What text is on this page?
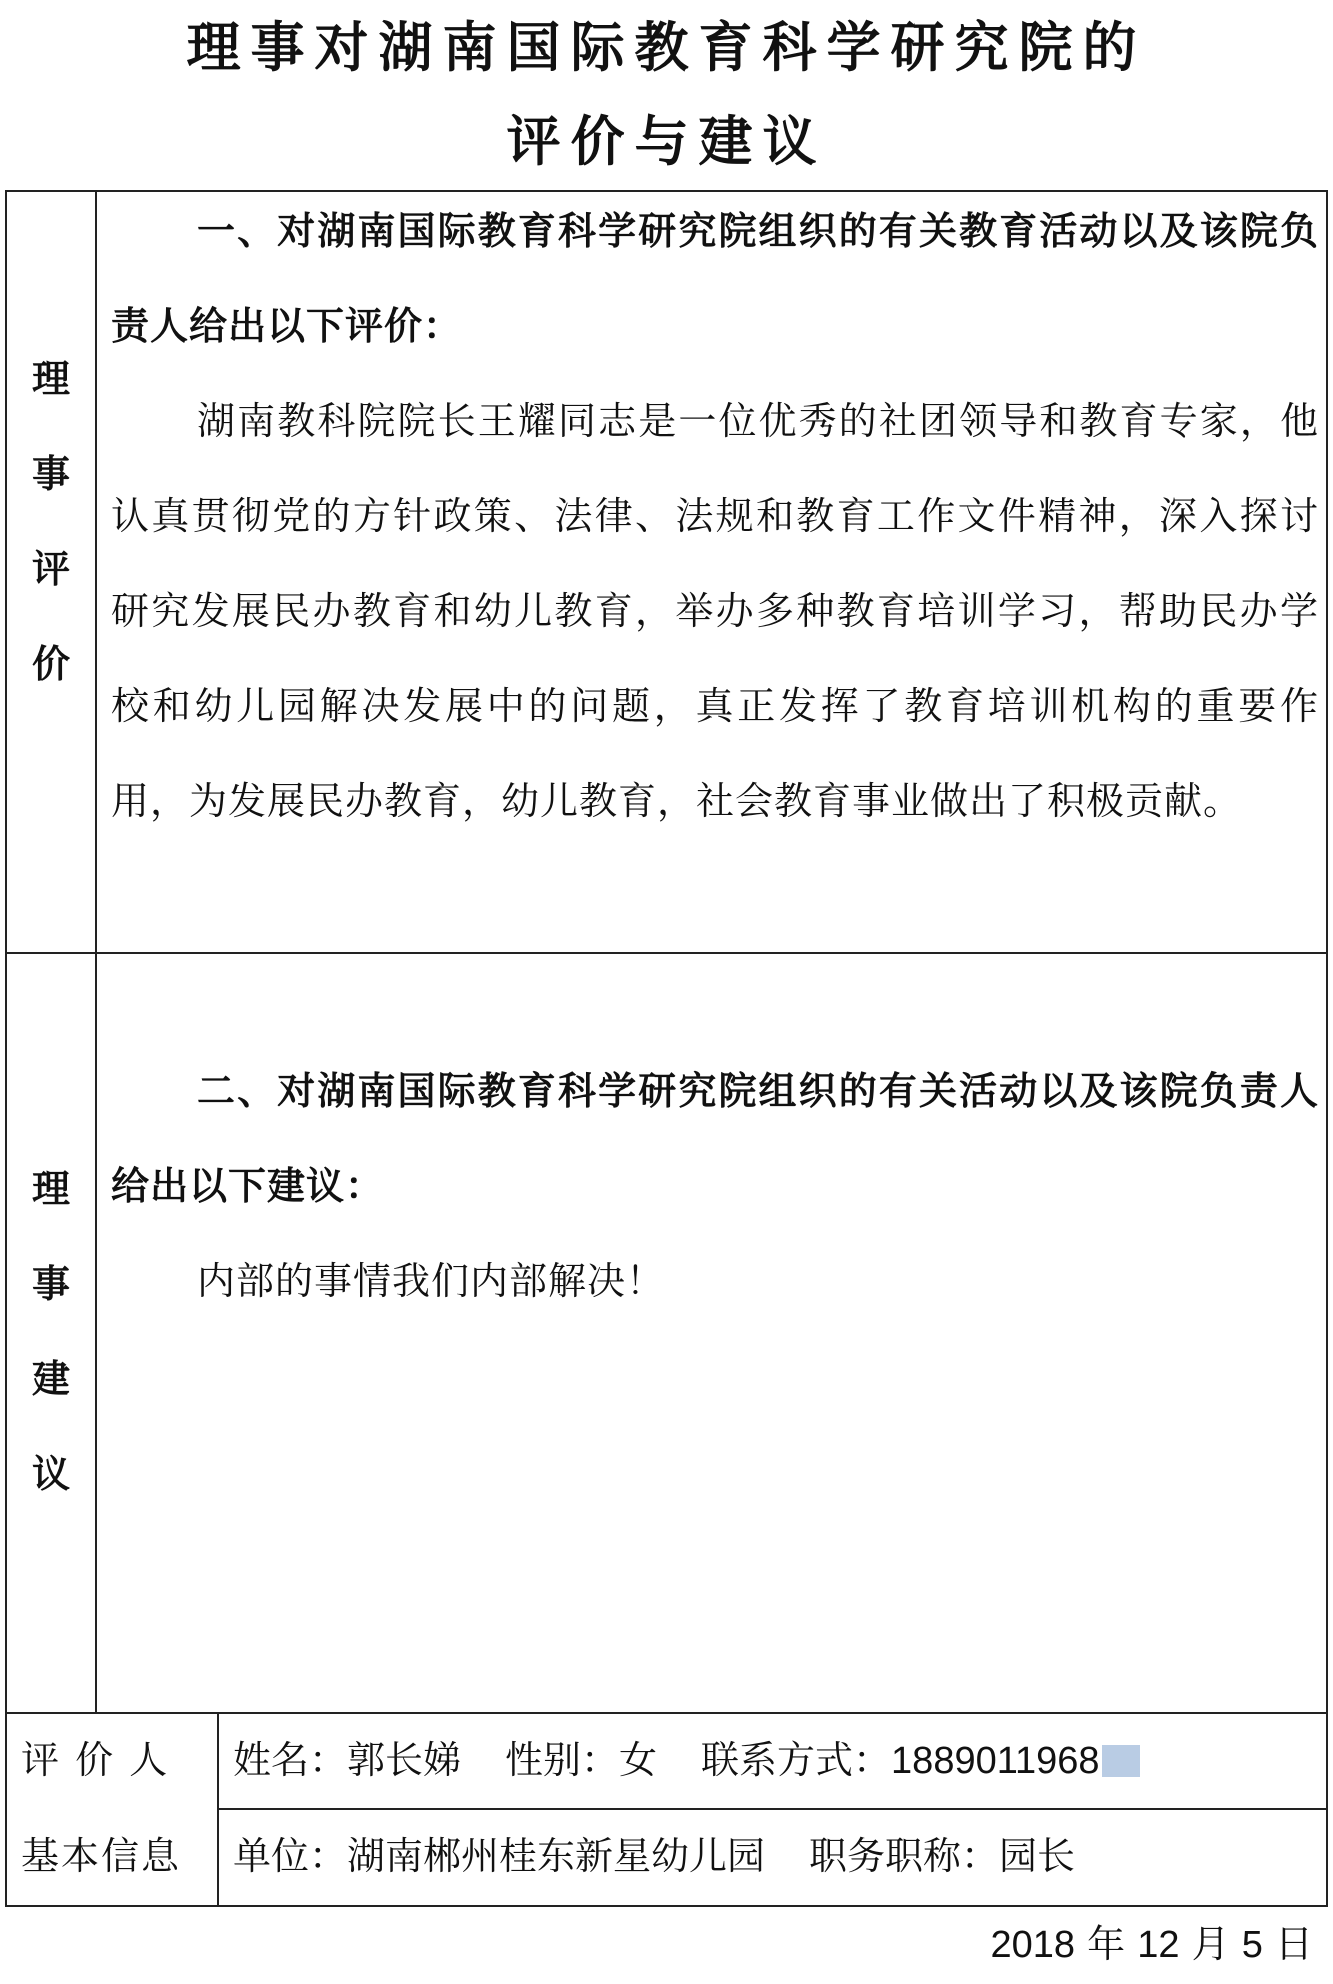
理事对湖南国际教育科学研究院的
评价与建议
理
事
评
价

一、对湖南国际教育科学研究院组织的有关教育活动以及该院负责人给出以下评价：

湖南教科院院长王耀同志是一位优秀的社团领导和教育专家，他认真贯彻党的方针政策、法律、法规和教育工作文件精神，深入探讨研究发展民办教育和幼儿教育，举办多种教育培训学习，帮助民办学校和幼儿园解决发展中的问题，真正发挥了教育培训机构的重要作用，为发展民办教育，幼儿教育，社会教育事业做出了积极贡献。

理
事
建
议

二、对湖南国际教育科学研究院组织的有关活动以及该院负责人给出以下建议：

内部的事情我们内部解决！

评 价 人
基本信息
姓名：郭长娣 性别：女 联系方式：1889011968
单位：湖南郴州桂东新星幼儿园 职务职称：园长
2018 年 12 月 5 日
